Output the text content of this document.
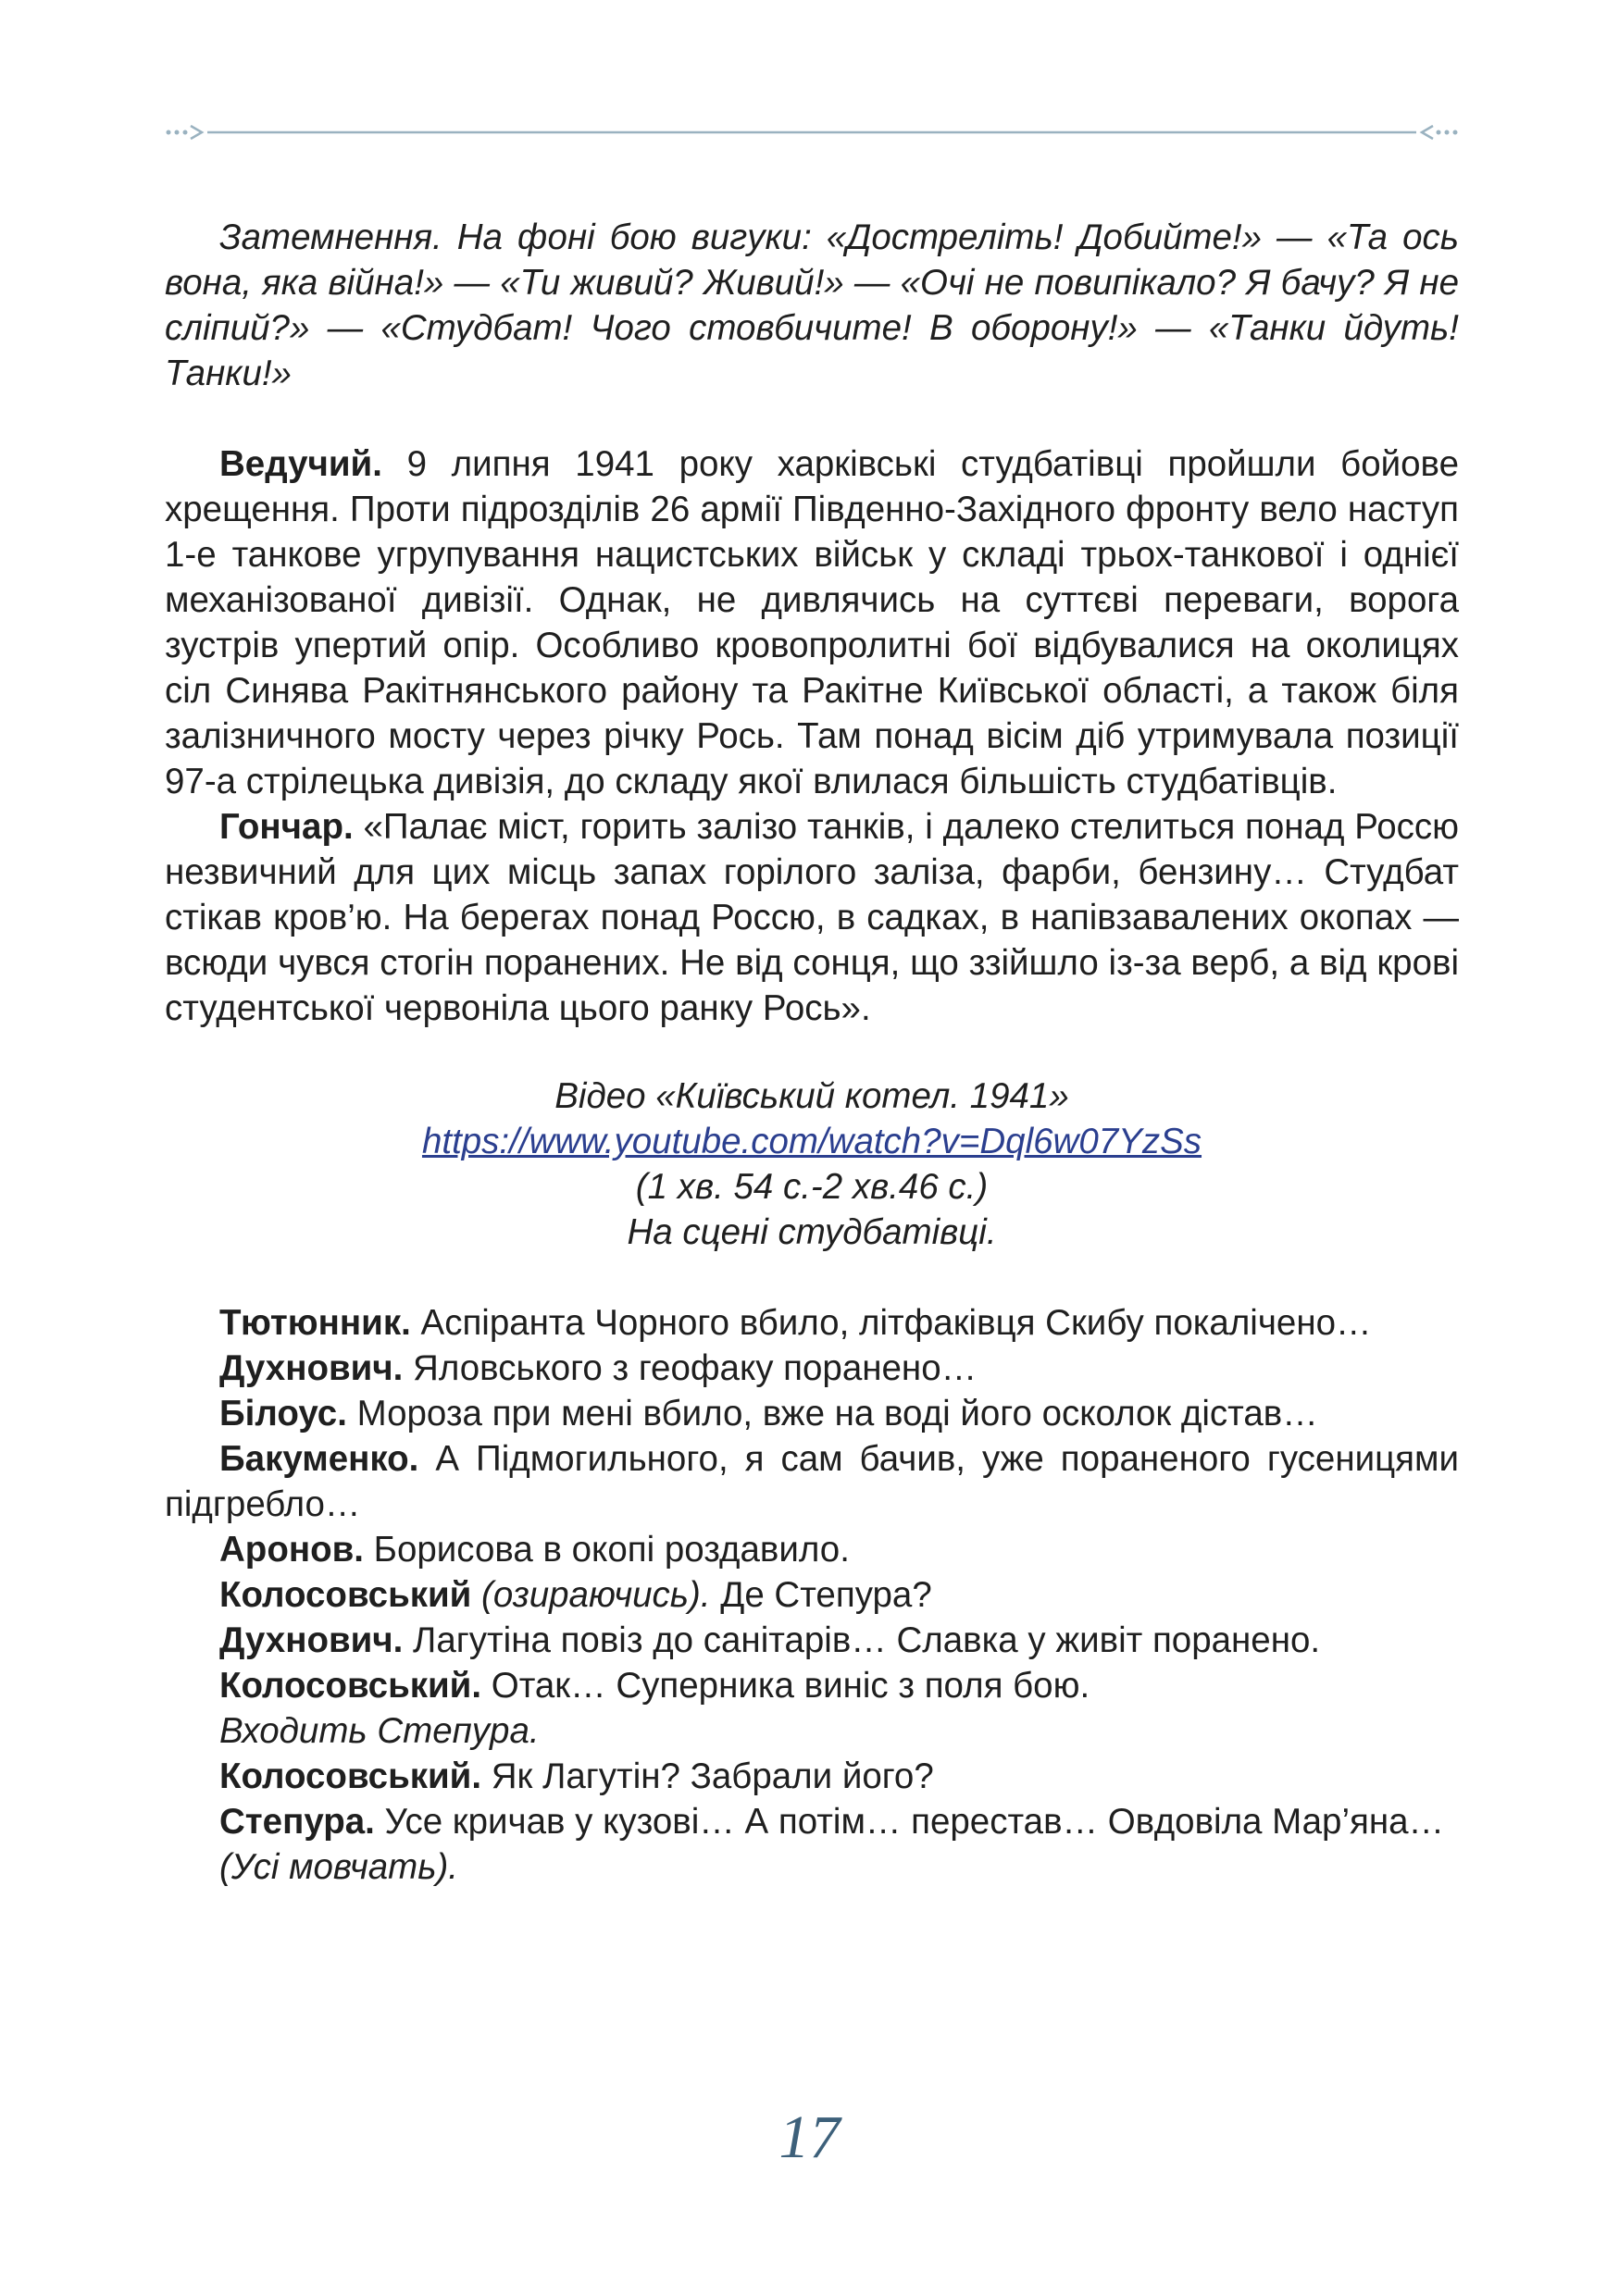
Затемнення. На фоні бою вигуки: «Достреліть! Добийте!» — «Та ось вона, яка війна!» — «Ти живий? Живий!» — «Очі не повипікало? Я бачу? Я не сліпий?» — «Студбат! Чого стовбичите! В оборону!» — «Танки йдуть! Танки!»

Ведучий. 9 липня 1941 року харківські студбатівці пройшли бойове хрещення. Проти підрозділів 26 армії Південно-Західного фронту вело наступ 1-е танкове угрупування нацистських військ у складі трьох-танкової і однієї механізованої дивізії. Однак, не дивлячись на суттєві переваги, ворога зустрів упертий опір. Особливо кровопролитні бої відбувалися на околицях сіл Синява Ракітнянського району та Ракітне Київської області, а також біля залізничного мосту через річку Рось. Там понад вісім діб утримувала позиції 97-а стрілецька дивізія, до складу якої влилася більшість студбатівців.

Гончар. «Палає міст, горить залізо танків, і далеко стелиться понад Россю незвичний для цих місць запах горілого заліза, фарби, бензину… Студбат стікав кров’ю. На берегах понад Россю, в садках, в напівзавалених окопах — всюди чувся стогін поранених. Не від сонця, що ззійшло із-за верб, а від крові студентської червоніла цього ранку Рось».

Відео «Київський котел. 1941»
https://www.youtube.com/watch?v=Dql6w07YzSs
(1 хв. 54 с.-2 хв.46 с.)
На сцені студбатівці.

Тютюнник. Аспіранта Чорного вбило, літфаківця Скибу покалічено…

Духнович. Яловського з геофаку поранено…

Білоус. Мороза при мені вбило, вже на воді його осколок дістав…

Бакуменко. А Підмогильного, я сам бачив, уже пораненого гусеницями підгребло…

Аронов. Борисова в окопі роздавило.

Колосовський (озираючись). Де Степура?

Духнович. Лагутіна повіз до санітарів… Славка у живіт поранено.

Колосовський. Отак… Суперника виніс з поля бою.

Входить Степура.

Колосовський. Як Лагутін? Забрали його?

Степура. Усе кричав у кузові… А потім… перестав… Овдовіла Мар’яна…

(Усі мовчать).

17
